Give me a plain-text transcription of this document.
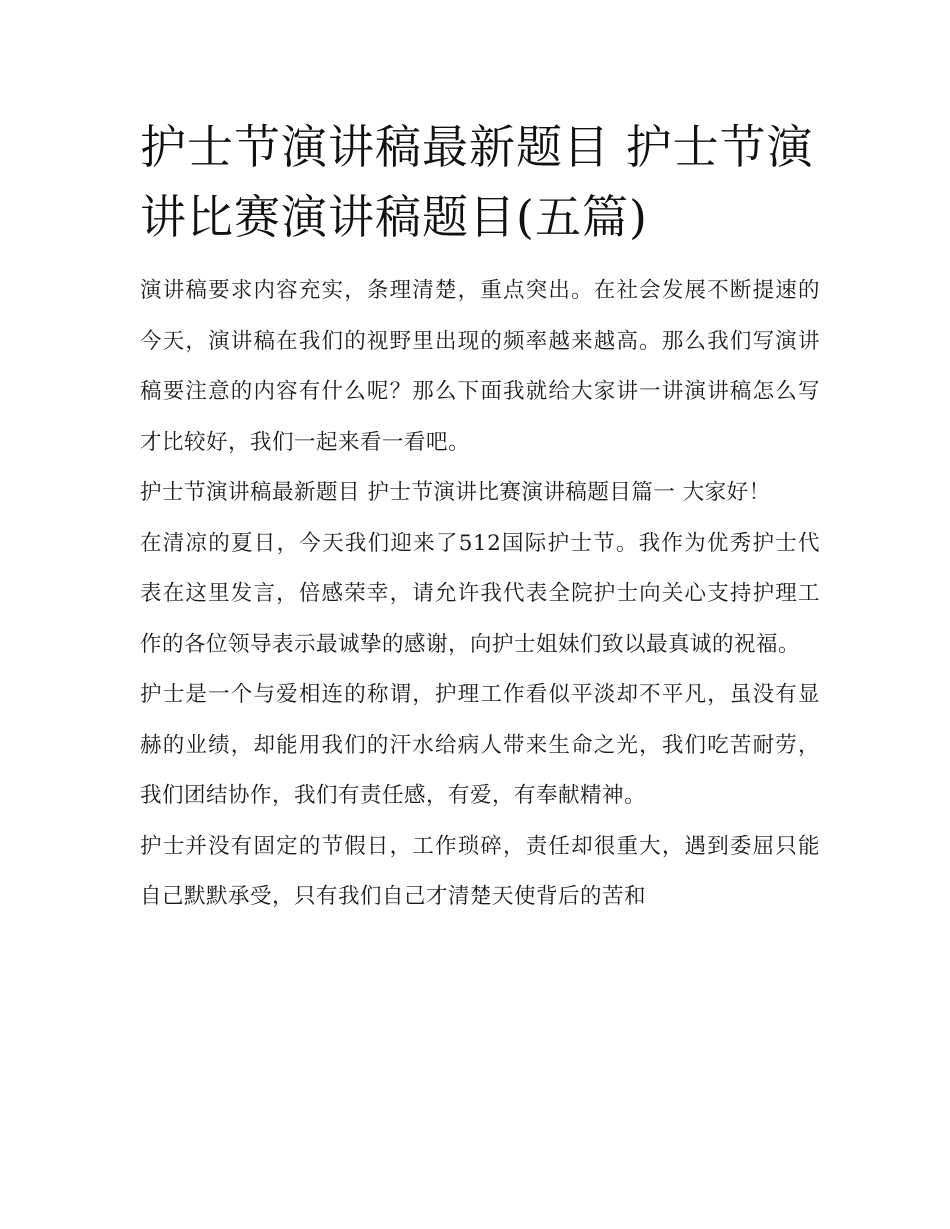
护士节演讲稿最新题目 护士节演讲比赛演讲稿题目(五篇)

演讲稿要求内容充实，条理清楚，重点突出。在社会发展不断提速的今天，演讲稿在我们的视野里出现的频率越来越高。那么我们写演讲稿要注意的内容有什么呢？那么下面我就给大家讲一讲演讲稿怎么写才比较好，我们一起来看一看吧。

护士节演讲稿最新题目 护士节演讲比赛演讲稿题目篇一 大家好！

在清凉的夏日，今天我们迎来了512国际护士节。我作为优秀护士代表在这里发言，倍感荣幸，请允许我代表全院护士向关心支持护理工作的各位领导表示最诚挚的感谢，向护士姐妹们致以最真诚的祝福。

护士是一个与爱相连的称谓，护理工作看似平淡却不平凡，虽没有显赫的业绩，却能用我们的汗水给病人带来生命之光，我们吃苦耐劳，我们团结协作，我们有责任感，有爱，有奉献精神。

护士并没有固定的节假日，工作琐碎，责任却很重大，遇到委屈只能自己默默承受，只有我们自己才清楚天使背后的苦和
